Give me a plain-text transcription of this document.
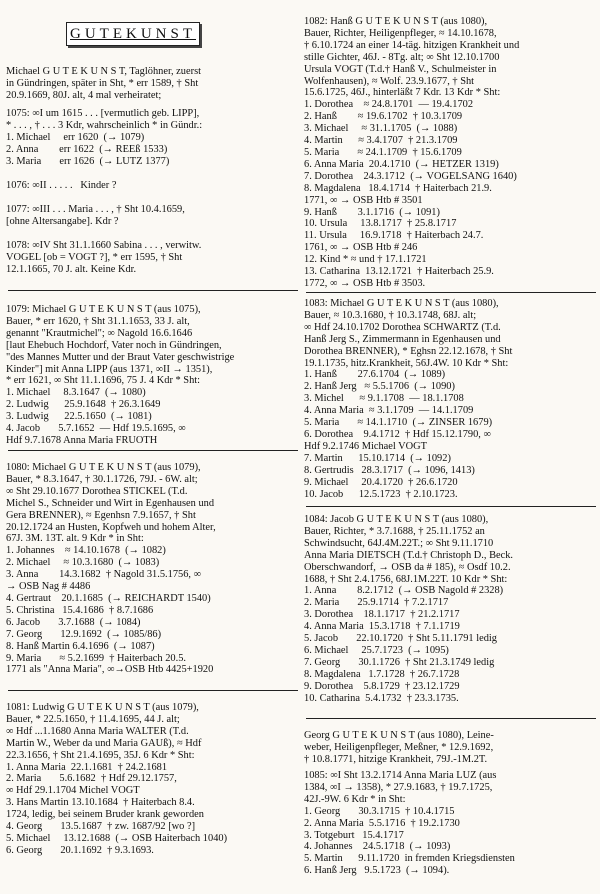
GUTEKUNST
Michael G U T E K U N S T, Taglöhner, zuerst
in Gündringen, später in Sht, * err 1589, † Sht
20.9.1669, 80J. alt, 4 mal verheiratet;
1075: ∞I um 1615 . . . [vermutlich geb. LIPP],
* . . . , † . . . 3 Kdr, wahrscheinlich * in Gündr.:
1. Michael     err 1620  (→ 1079)
2. Anna        err 1622  (→ REEß 1533)
3. Maria       err 1626  (→ LUTZ 1377)
1076: ∞II . . . . .   Kinder ?
1077: ∞III . . . Maria . . . , † Sht 10.4.1659,
[ohne Altersangabe]. Kdr ?
1078: ∞IV Sht 31.1.1660 Sabina . . . , verwitw.
VOGEL [ob = VOGT ?], * err 1595, † Sht
12.1.1665, 70 J. alt. Keine Kdr.
1079: Michael G U T E K U N S T (aus 1075),
Bauer, * err 1620, † Sht 31.1.1653, 33 J. alt,
genannt "Krautmichel"; ∞ Nagold 16.6.1646
[laut Ehebuch Hochdorf, Vater noch in Gündringen,
"des Mannes Mutter und der Braut Vater geschwistrige
Kinder"] mit Anna LIPP (aus 1371, ∞II → 1351),
* err 1621, ∞ Sht 11.1.1696, 75 J. 4 Kdr * Sht:
1. Michael     8.3.1647  (→ 1080)
2. Ludwig      25.9.1648  † 26.3.1649
3. Ludwig      22.5.1650  (→ 1081)
4. Jacob       5.7.1652  — Hdf 19.5.1695, ∞
Hdf 9.7.1678 Anna Maria FRUOTH
1080: Michael G U T E K U N S T (aus 1079),
Bauer, * 8.3.1647, † 30.1.1726, 79J. - 6W. alt;
∞ Sht 29.10.1677 Dorothea STICKEL (T.d.
Michel S., Schneider und Wirt in Egenhausen und
Gera BRENNER), ≈ Egenhsn 7.9.1657, † Sht
20.12.1724 an Husten, Kopfweh und hohem Alter,
67J. 3M. 13T. alt. 9 Kdr * in Sht:
1. Johannes    ≈ 14.10.1678  (→ 1082)
2. Michael     ≈ 10.3.1680  (→ 1083)
3. Anna        14.3.1682  † Nagold 31.5.1756, ∞
→ OSB Nag # 4486
4. Gertraut    20.1.1685  (→ REICHARDT 1540)
5. Christina   15.4.1686  † 8.7.1686
6. Jacob       3.7.1688  (→ 1084)
7. Georg       12.9.1692  (→ 1085/86)
8. Hanß Martin 6.4.1696  (→ 1087)
9. Maria       ≈ 5.2.1699  † Haiterbach 20.5.
1771 als "Anna Maria", ∞→OSB Htb 4425+1920
1081: Ludwig G U T E K U N S T (aus 1079),
Bauer, * 22.5.1650, † 11.4.1695, 44 J. alt;
∞ Hdf ...1.1680 Anna Maria WALTER (T.d.
Martin W., Weber da und Maria GAUß), ≈ Hdf
22.3.1656, † Sht 21.4.1695, 35J. 6 Kdr * Sht:
1. Anna Maria  22.1.1681  † 24.2.1681
2. Maria       5.6.1682  † Hdf 29.12.1757,
∞ Hdf 29.1.1704 Michel VOGT
3. Hans Martin 13.10.1684  † Haiterbach 8.4.
1724, ledig, bei seinem Bruder krank geworden
4. Georg       13.5.1687  † zw. 1687/92 [wo ?]
5. Michael     13.12.1688  (→ OSB Haiterbach 1040)
6. Georg       20.1.1692  † 9.3.1693.
1082: Hanß G U T E K U N S T (aus 1080),
Bauer, Richter, Heiligenpfleger, ≈ 14.10.1678,
† 6.10.1724 an einer 14-täg. hitzigen Krankheit und
stille Gichter, 46J. - 8Tg. alt; ∞ Sht 12.10.1700
Ursula VOGT (T.d.† Hanß V., Schulmeister in
Wolfenhausen), ≈ Wolf. 23.9.1677, † Sht
15.6.1725, 46J., hinterläßt 7 Kdr. 13 Kdr * Sht:
1. Dorothea    ≈ 24.8.1701  — 19.4.1702
2. Hanß        ≈ 19.6.1702  † 10.3.1709
3. Michael     ≈ 31.1.1705  (→ 1088)
4. Martin      ≈ 3.4.1707  † 21.3.1709
5. Maria       ≈ 24.1.1709  † 15.6.1709
6. Anna Maria  20.4.1710  (→ HETZER 1319)
7. Dorothea    24.3.1712  (→ VOGELSANG 1640)
8. Magdalena   18.4.1714  † Haiterbach 21.9.
1771, ∞ → OSB Htb # 3501
9. Hanß        3.1.1716  (→ 1091)
10. Ursula     13.8.1717  † 25.8.1717
11. Ursula     16.9.1718  † Haiterbach 24.7.
1761, ∞ → OSB Htb # 246
12. Kind * ≈ und † 17.1.1721
13. Catharina  13.12.1721  † Haiterbach 25.9.
1772, ∞ → OSB Htb # 3503.
1083: Michael G U T E K U N S T (aus 1080),
Bauer, ≈ 10.3.1680, † 10.3.1748, 68J. alt;
∞ Hdf 24.10.1702 Dorothea SCHWARTZ (T.d.
Hanß Jerg S., Zimmermann in Egenhausen und
Dorothea BRENNER), * Eghsn 22.12.1678, † Sht
19.1.1735, hitz.Krankheit, 56J.4W. 10 Kdr * Sht:
1. Hanß        27.6.1704  (→ 1089)
2. Hanß Jerg   ≈ 5.5.1706  (→ 1090)
3. Michel      ≈ 9.1.1708  — 18.1.1708
4. Anna Maria  ≈ 3.1.1709  — 14.1.1709
5. Maria       ≈ 14.1.1710  (→ ZINSER 1679)
6. Dorothea    9.4.1712  † Hdf 15.12.1790, ∞
Hdf 9.2.1746 Michael VOGT
7. Martin      15.10.1714  (→ 1092)
8. Gertrudis   28.3.1717  (→ 1096, 1413)
9. Michael     20.4.1720  † 26.6.1720
10. Jacob      12.5.1723  † 2.10.1723.
1084: Jacob G U T E K U N S T (aus 1080),
Bauer, Richter, * 3.7.1688, † 25.11.1752 an
Schwindsucht, 64J.4M.22T.; ∞ Sht 9.11.1710
Anna Maria DIETSCH (T.d.† Christoph D., Beck.
Oberschwandorf, → OSB da # 185), ≈ Osdf 10.2.
1688, † Sht 2.4.1756, 68J.1M.22T. 10 Kdr * Sht:
1. Anna        8.2.1712  (→ OSB Nagold # 2328)
2. Maria       25.9.1714  † 7.2.1717
3. Dorothea    18.1.1717  † 21.2.1717
4. Anna Maria  15.3.1718  † 7.1.1719
5. Jacob       22.10.1720  † Sht 5.11.1791 ledig
6. Michael     25.7.1723  (→ 1095)
7. Georg       30.1.1726  † Sht 21.3.1749 ledig
8. Magdalena   1.7.1728  † 26.7.1728
9. Dorothea    5.8.1729  † 23.12.1729
10. Catharina  5.4.1732  † 23.3.1735.
Georg G U T E K U N S T (aus 1080), Leine-
weber, Heiligenpfleger, Meßner, * 12.9.1692,
† 10.8.1771, hitzige Krankheit, 79J.-1M.2T.
1085: ∞I Sht 13.2.1714 Anna Maria LUZ (aus
1384, ∞I → 1358), * 27.9.1683, † 19.7.1725,
42J.-9W. 6 Kdr * in Sht:
1. Georg       30.3.1715  † 10.4.1715
2. Anna Maria  5.5.1716  † 19.2.1730
3. Totgeburt   15.4.1717
4. Johannes    24.5.1718  (→ 1093)
5. Martin      9.11.1720  in fremden Kriegsdiensten
6. Hanß Jerg   9.5.1723  (→ 1094).
